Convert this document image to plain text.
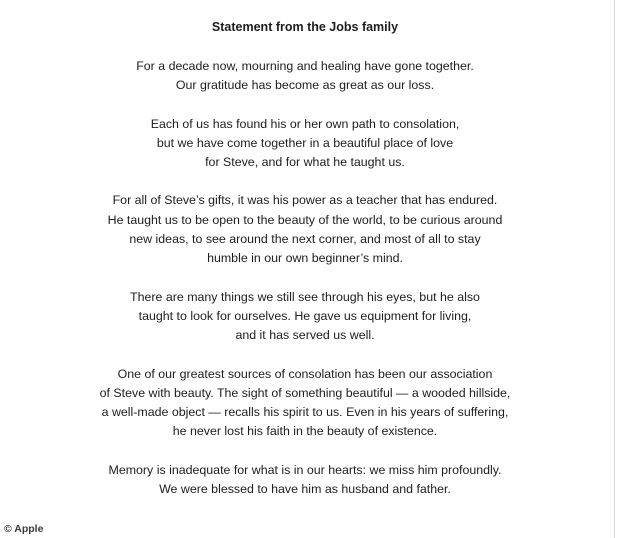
Statement from the Jobs family
For a decade now, mourning and healing have gone together.
Our gratitude has become as great as our loss.
Each of us has found his or her own path to consolation,
but we have come together in a beautiful place of love
for Steve, and for what he taught us.
For all of Steve’s gifts, it was his power as a teacher that has endured.
He taught us to be open to the beauty of the world, to be curious around
new ideas, to see around the next corner, and most of all to stay
humble in our own beginner’s mind.
There are many things we still see through his eyes, but he also
taught to look for ourselves. He gave us equipment for living,
and it has served us well.
One of our greatest sources of consolation has been our association
of Steve with beauty. The sight of something beautiful — a wooded hillside,
a well-made object — recalls his spirit to us. Even in his years of suffering,
he never lost his faith in the beauty of existence.
Memory is inadequate for what is in our hearts: we miss him profoundly.
We were blessed to have him as husband and father.
© Apple
